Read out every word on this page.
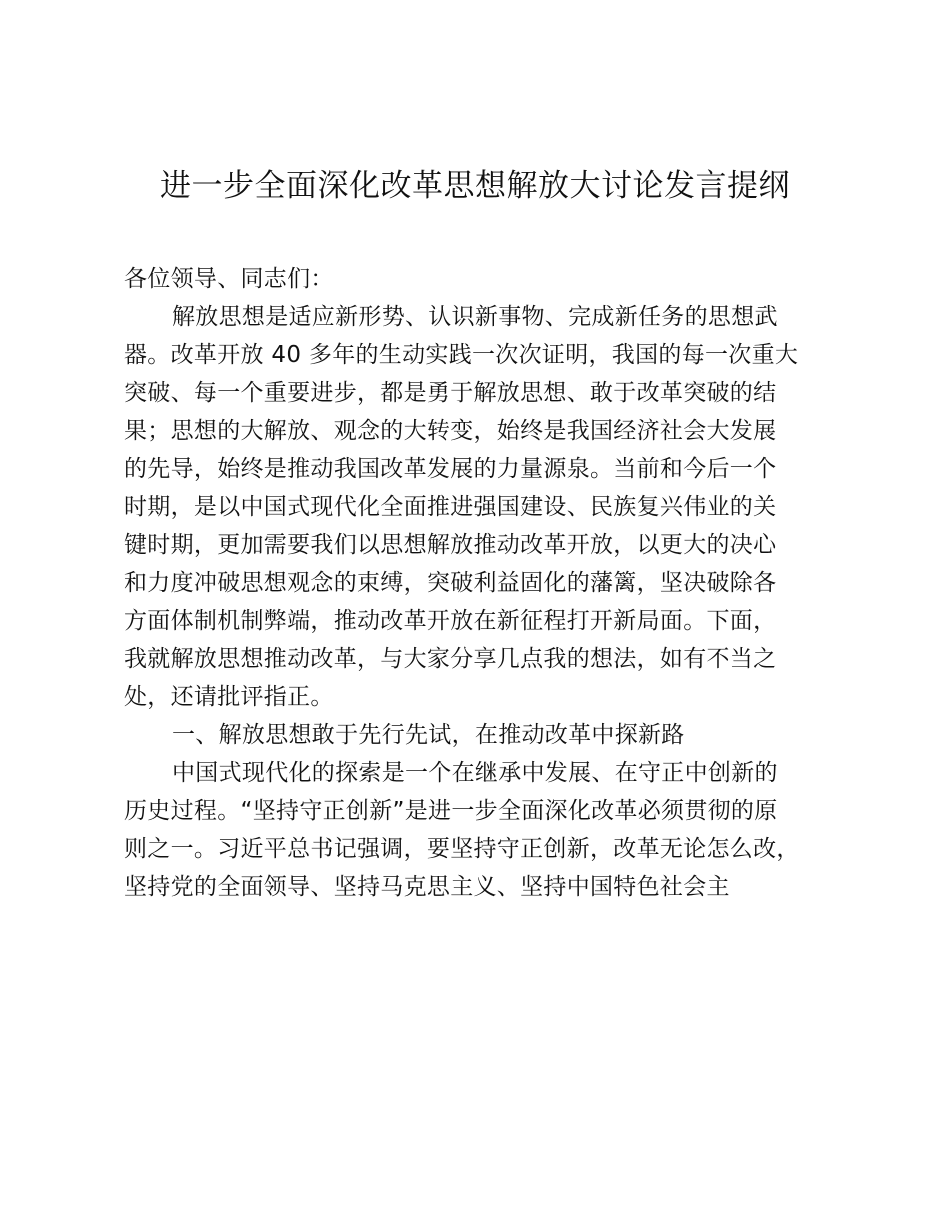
进一步全面深化改革思想解放大讨论发言提纲
各位领导、同志们：
解放思想是适应新形势、认识新事物、完成新任务的思想武
器。改革开放 40 多年的生动实践一次次证明，我国的每一次重大
突破、每一个重要进步，都是勇于解放思想、敢于改革突破的结
果；思想的大解放、观念的大转变，始终是我国经济社会大发展
的先导，始终是推动我国改革发展的力量源泉。当前和今后一个
时期，是以中国式现代化全面推进强国建设、民族复兴伟业的关
键时期，更加需要我们以思想解放推动改革开放，以更大的决心
和力度冲破思想观念的束缚，突破利益固化的藩篱，坚决破除各
方面体制机制弊端，推动改革开放在新征程打开新局面。下面，
我就解放思想推动改革，与大家分享几点我的想法，如有不当之
处，还请批评指正。
一、解放思想敢于先行先试，在推动改革中探新路
中国式现代化的探索是一个在继承中发展、在守正中创新的
历史过程。“坚持守正创新”是进一步全面深化改革必须贯彻的原
则之一。习近平总书记强调，要坚持守正创新，改革无论怎么改，
坚持党的全面领导、坚持马克思主义、坚持中国特色社会主
